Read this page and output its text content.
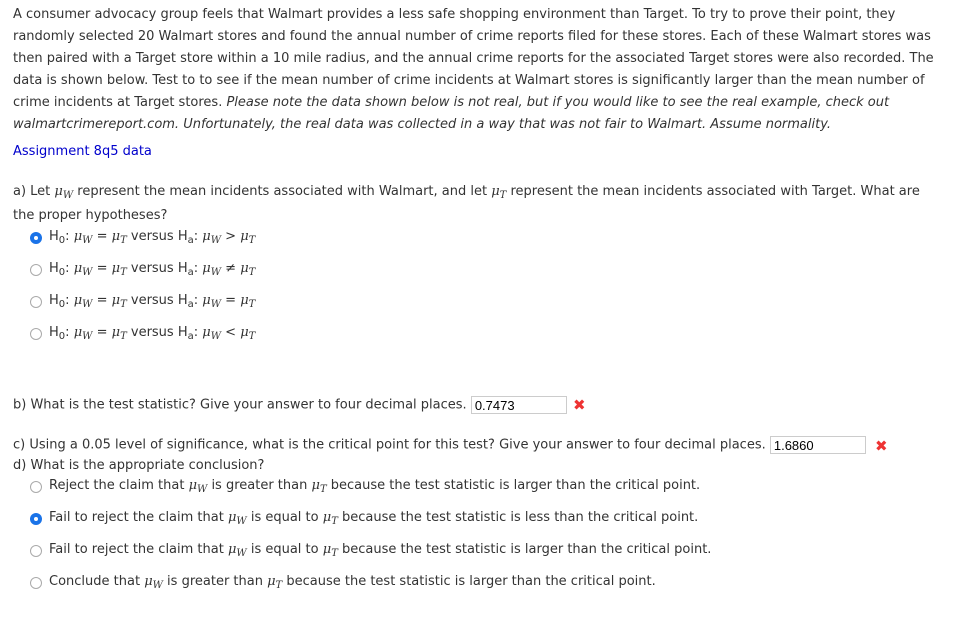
A consumer advocacy group feels that Walmart provides a less safe shopping environment than Target. To try to prove their point, they
randomly selected 20 Walmart stores and found the annual number of crime reports filed for these stores. Each of these Walmart stores was
then paired with a Target store within a 10 mile radius, and the annual crime reports for the associated Target stores were also recorded. The
data is shown below. Test to to see if the mean number of crime incidents at Walmart stores is significantly larger than the mean number of
crime incidents at Target stores. Please note the data shown below is not real, but if you would like to see the real example, check out
walmartcrimereport.com. Unfortunately, the real data was collected in a way that was not fair to Walmart. Assume normality.
Assignment 8q5 data
a) Let $\mu_W$ represent the mean incidents associated with Walmart, and let $\mu_T$ represent the mean incidents associated with Target. What are
the proper hypotheses?
$H_0$: $\mu_W = \mu_T$ versus $H_a$: $\mu_W > \mu_T$
$H_0$: $\mu_W = \mu_T$ versus $H_a$: $\mu_W \ne \mu_T$
$H_0$: $\mu_W = \mu_T$ versus $H_a$: $\mu_W = \mu_T$
$H_0$: $\mu_W = \mu_T$ versus $H_a$: $\mu_W < \mu_T$
b) What is the test statistic? Give your answer to four decimal places. 0.7473	✖
c) Using a 0.05 level of significance, what is the critical point for this test? Give your answer to four decimal places. 1.6860	✖
d) What is the appropriate conclusion?
Reject the claim that $\mu_W$ is greater than $\mu_T$ because the test statistic is larger than the critical point.
Fail to reject the claim that $\mu_W$ is equal to $\mu_T$ because the test statistic is less than the critical point.
Fail to reject the claim that $\mu_W$ is equal to $\mu_T$ because the test statistic is larger than the critical point.
Conclude that $\mu_W$ is greater than $\mu_T$ because the test statistic is larger than the critical point.
